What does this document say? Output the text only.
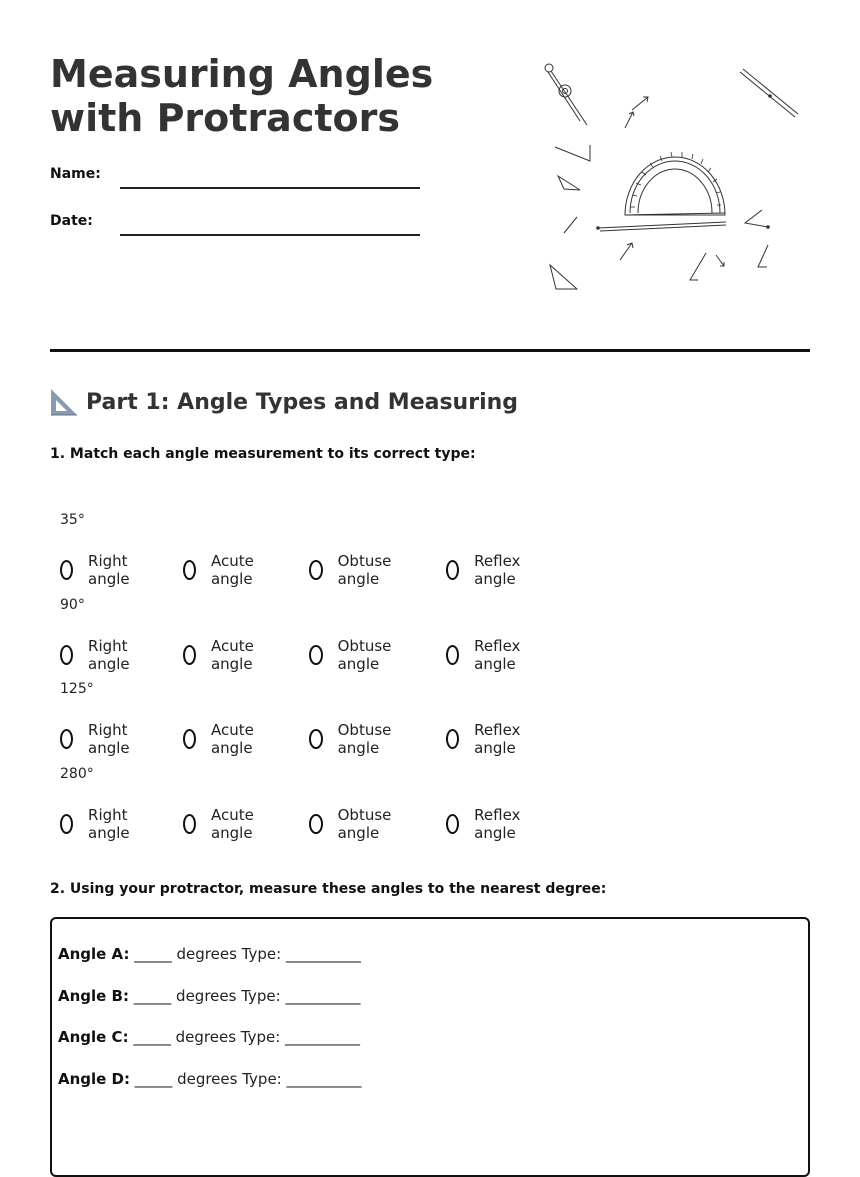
Measuring Angles with Protractors
Name:
Date:
Part 1: Angle Types and Measuring

1. Match each angle measurement to its correct type:

35°
Right angle
Acute angle
Obtuse angle
Reflex angle
90°
Right angle
Acute angle
Obtuse angle
Reflex angle
125°
Right angle
Acute angle
Obtuse angle
Reflex angle
280°
Right angle
Acute angle
Obtuse angle
Reflex angle

2. Using your protractor, measure these angles to the nearest degree:

Angle A: _____ degrees Type: __________
Angle B: _____ degrees Type: __________
Angle C: _____ degrees Type: __________
Angle D: _____ degrees Type: __________
